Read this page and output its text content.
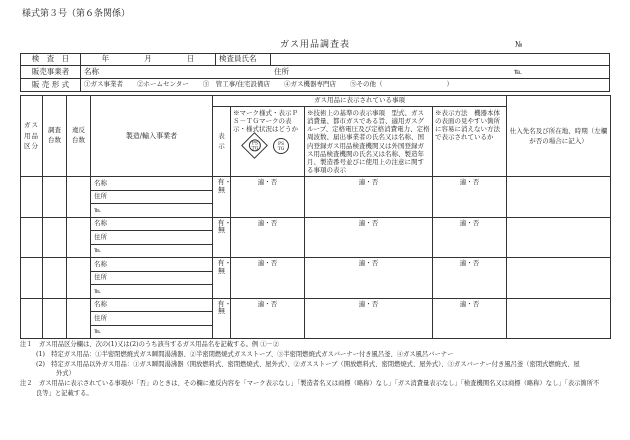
様式第３号（第６条関係）
ガス用品調査表	№
検　査　日	年	月	日	検査員氏名
販売事業者	名称	住所	℡
販 売 形 式	①ガス事業者 ②ホームセンター ③　管工事/住宅設備店 ④ガス機器専門店 ⑤その他（	）
ガス用品区分	調査台数	違反台数	製造/輸入事業者	ガス用品に表示されている事項				仕入先名及び所在地、時期（左欄が否の場合に記入）
				表示	※マーク様式・表示ＰＳ－ＴＧマークの表示・様式状況はどうか
PS
TG
PS
TG	※技術上の基準の表示事項　型式、ガス消費量、都市ガスである旨、適用ガスグループ、定格電圧及び定格消費電力、定格周波数、届出事業者の氏名又は名称、国内登録ガス用品検査機関又は外国登録ガス用品検査機関の氏名又は名称、製造年月、製造番号並びに使用上の注意に関する事項の表示	※表示方法　機器本体の表面の見やすい箇所に容易に消えない方法で表示されているか	
			名称	有・無	適・否	適・否	適・否	
			住所					
			℡					
			名称	有・無	適・否	適・否	適・否	
			住所					
			℡					
			名称	有・無	適・否	適・否	適・否	
			住所					
			℡					
			名称	有・無	適・否	適・否	適・否	
			住所					
			℡					
注１　ガス用品区分欄は、次の(1)又は(2)のうち該当するガス用品名を記載する。例 ①－②
(1)　特定ガス用品：①半密閉燃焼式ガス瞬間湯沸器、②半密閉燃焼式ガスストーブ、③半密閉燃焼式ガスバーナー付き風呂釜、④ガス風呂バーナー
(2)　特定ガス用品以外ガス用品：①ガス瞬間湯沸器（開放燃料式、密閉燃焼式、屋外式）、②ガスストーブ（開放燃料式、密閉燃焼式、屋外式）、③ガスバーナー付き風呂釜（密閉式燃焼式、屋
外式）
注２　ガス用品に表示されている事項が「否」のときは、その欄に違反内容を「マーク表示なし」「製造者名又は商標（略称）なし」「ガス消費量表示なし」「検査機関名又は商標（略称）なし」「表示箇所不
良等」と記載する。
